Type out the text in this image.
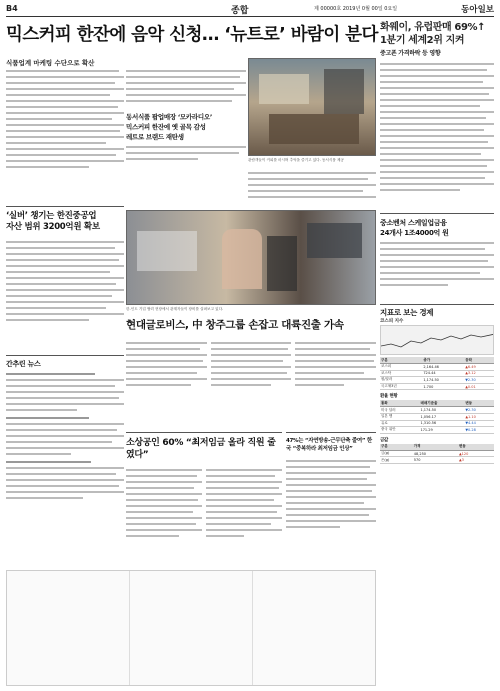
B4	종합	제 00000호 2019년 0월 00일 0요일	동아일보
믹스커피 한잔에 음악 신청… ‘뉴트로’ 바람이 분다
식품업계 마케팅 수단으로 확산
동서식품 팝업매장 ‘모카라디오’
믹스커피 한잔에 옛 골목 감성
레트로 브랜드 재탄생
관람객들이 커피를 마시며 추억을 즐기고 있다. 동서식품 제공
‘실버’ 챙기는 한진중공업
자산 범위 3200억원 확보
한-인도 기업 협력 현장에서 관계자들이 장비를 살펴보고 있다.
현대글로비스, 中 창주그룹 손잡고 대륙진출 가속
간추린 뉴스
소상공인 60% “최저임금 올라 직원 줄였다”
47%는 “자연방송-근무단축 줄여” 한국 “중복하라 최저임금 인상”
화웨이, 유럽판매 69%↑
1분기 세계2위 지켜
중고폰 가격하락 등 영향
중소벤처 스케일업금융
24개사 1조4000억 원
지표로 보는 경제
코스피 지수
구분	종가	등락
코스피	2,164.46	▲6.49
코스닥	724.44	▲3.12
원/달러	1,174.50	▼2.30
국고채3년	1.700	▲0.01
환율 현황
통화	매매기준율	변동
미국 달러	1,174.50	▼2.30
일본 엔	1,056.17	▲1.10
유로	1,310.56	▼4.44
중국 위안	171.29	▼0.28
금값
구분	가격	변동
금(g)	48,250	▲120
은(g)	570	▲3
